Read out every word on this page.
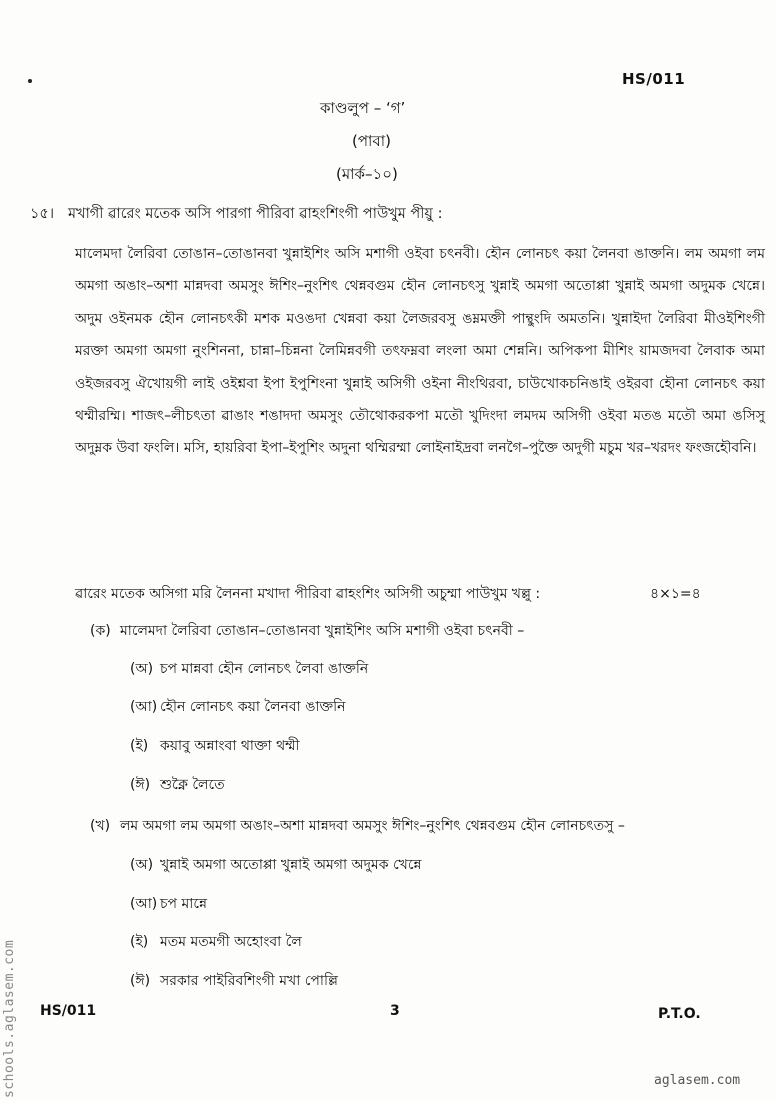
HS/011
কাণ্ডলুপ – ‘গ’
(পাবা)
(মার্ক–১০)
১৫। মখাগী ৱারেং মতেক অসি পারগা পীরিবা ৱাহংশিংগী পাউখুম পীয়ু :

মালেমদা লৈরিবা তোঙান–তোঙানবা খুন্নাইশিং অসি মশাগী ওইবা চৎনবী। হৌন লোনচৎ কয়া লৈনবা ঙাক্তনি। লম অমগা লম অমগা অঙাং–অশা মান্নদবা অমসুং ঈশিং–নুংশিৎ থেন্নবগুম হৌন লোনচৎসু খুন্নাই অমগা অতোপ্পা খুন্নাই অমগা অদুমক খেন্নে। অদুম ওইনমক হৌন লোনচৎকী মশক মওঙদা খেন্নবা কয়া লৈজরবসু ঙম্নমক্তী পান্থুংদি অমতনি। খুন্নাইদা লৈরিবা মীওইশিংগী মরক্তা অমগা অমগা নুংশিননা, চান্না–চিন্ননা লৈমিন্নবগী তৎফম্নবা লংলা অমা শেন্ননি। অপিকপা মীশিং য়ামজদবা লৈবাক অমা ওইজরবসু ঐখোয়গী লাই ওইশ্নবা ইপা ইপুশিংনা খুন্নাই অসিগী ওইনা নীংথিরবা, চাউখোকচনিঙাই ওইরবা হৌনা লোনচৎ কয়া থম্মীরম্মি। শাজৎ–লীচৎতা ৱাঙাং শঙাদদা অমসুং তৌথোকরকপা মতৌ খুদিংদা লমদম অসিগী ওইবা মতঙ মতৌ অমা ঙসিসু অদুম্নক উবা ফংলি। মসি, হায়রিবা ইপা–ইপুশিং অদুনা থম্মিরম্মা লোইনাইদ্রবা লনগৈ–পুক্তৈ অদুগী মচুম খর–খরদং ফংজহৌবনি।

ৱারেং মতেক অসিগা মরি লৈননা মখাদা পীরিবা ৱাহংশিং অসিগী অচুম্মা পাউখুম খল্লু :	৪×১=৪
(ক) মালেমদা লৈরিবা তোঙান–তোঙানবা খুন্নাইশিং অসি মশাগী ওইবা চৎনবী –
(অ) চপ মান্নবা হৌন লোনচৎ লৈবা ঙাক্তনি
(আ) হৌন লোনচৎ কয়া লৈনবা ঙাক্তনি
(ই) কয়াবু অন্নাংবা থাক্তা থম্মী
(ঈ) শুক্নৈ লৈতে
(খ) লম অমগা লম অমগা অঙাং–অশা মান্নদবা অমসুং ঈশিং–নুংশিৎ থেন্নবগুম হৌন লোনচৎতসু –
(অ) খুন্নাই অমগা অতোপ্পা খুন্নাই অমগা অদুমক খেন্নে
(আ) চপ মান্নে
(ই) মতম মতমগী অহোংবা লৈ
(ঈ) সরকার পাইরিবশিংগী মখা পোল্লি
HS/011	3	P.T.O.
schools.aglasem.com	aglasem.com
